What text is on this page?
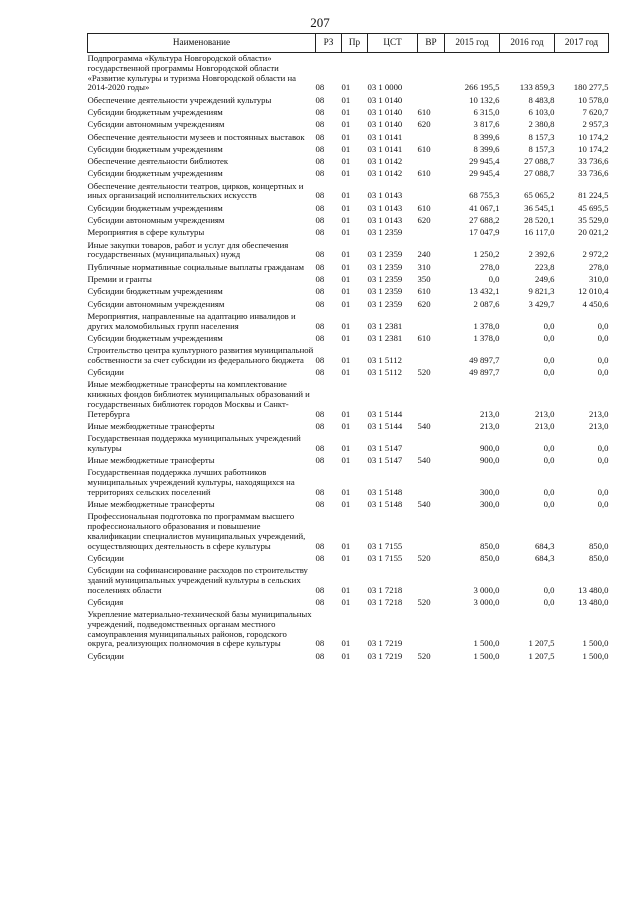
207
Наименование	РЗ	Пр	ЦСТ	ВР	2015 год	2016 год	2017 год
Подпрограмма «Культура Новгородской области» государственной программы Новгородской области «Развитие культуры и туризма Новгородской области на 2014-2020 годы»	08	01	03 1 0000		266 195,5	133 859,3	180 277,5
Обеспечение деятельности учреждений культуры	08	01	03 1 0140		10 132,6	8 483,8	10 578,0
Субсидии бюджетным учреждениям	08	01	03 1 0140	610	6 315,0	6 103,0	7 620,7
Субсидии автономным учреждениям	08	01	03 1 0140	620	3 817,6	2 380,8	2 957,3
Обеспечение деятельности музеев и постоянных выставок	08	01	03 1 0141		8 399,6	8 157,3	10 174,2
Субсидии бюджетным учреждениям	08	01	03 1 0141	610	8 399,6	8 157,3	10 174,2
Обеспечение деятельности библиотек	08	01	03 1 0142		29 945,4	27 088,7	33 736,6
Субсидии бюджетным учреждениям	08	01	03 1 0142	610	29 945,4	27 088,7	33 736,6
Обеспечение деятельности театров, цирков, концертных и иных организаций исполнительских искусств	08	01	03 1 0143		68 755,3	65 065,2	81 224,5
Субсидии бюджетным учреждениям	08	01	03 1 0143	610	41 067,1	36 545,1	45 695,5
Субсидии автономным учреждениям	08	01	03 1 0143	620	27 688,2	28 520,1	35 529,0
Мероприятия в сфере культуры	08	01	03 1 2359		17 047,9	16 117,0	20 021,2
Иные закупки товаров, работ и услуг для обеспечения государственных (муниципальных) нужд	08	01	03 1 2359	240	1 250,2	2 392,6	2 972,2
Публичные нормативные социальные выплаты гражданам	08	01	03 1 2359	310	278,0	223,8	278,0
Премии и гранты	08	01	03 1 2359	350	0,0	249,6	310,0
Субсидии бюджетным учреждениям	08	01	03 1 2359	610	13 432,1	9 821,3	12 010,4
Субсидии автономным учреждениям	08	01	03 1 2359	620	2 087,6	3 429,7	4 450,6
Мероприятия, направленные на адаптацию инвалидов и других маломобильных групп населения	08	01	03 1 2381		1 378,0	0,0	0,0
Субсидии бюджетным учреждениям	08	01	03 1 2381	610	1 378,0	0,0	0,0
Строительство центра культурного развития муниципальной собственности за счет субсидии из федерального бюджета	08	01	03 1 5112		49 897,7	0,0	0,0
Субсидии	08	01	03 1 5112	520	49 897,7	0,0	0,0
Иные межбюджетные трансферты на комплектование книжных фондов библиотек муниципальных образований и государственных библиотек городов Москвы и Санкт-Петербурга	08	01	03 1 5144		213,0	213,0	213,0
Иные межбюджетные трансферты	08	01	03 1 5144	540	213,0	213,0	213,0
Государственная поддержка муниципальных учреждений культуры	08	01	03 1 5147		900,0	0,0	0,0
Иные межбюджетные трансферты	08	01	03 1 5147	540	900,0	0,0	0,0
Государственная поддержка лучших работников муниципальных учреждений культуры, находящихся на территориях сельских поселений	08	01	03 1 5148		300,0	0,0	0,0
Иные межбюджетные трансферты	08	01	03 1 5148	540	300,0	0,0	0,0
Профессиональная подготовка по программам высшего профессионального образования и повышение квалификации специалистов муниципальных учреждений, осуществляющих деятельность в сфере культуры	08	01	03 1 7155		850,0	684,3	850,0
Субсидии	08	01	03 1 7155	520	850,0	684,3	850,0
Субсидии на софинансирование расходов по строительству зданий муниципальных учреждений культуры в сельских поселениях области	08	01	03 1 7218		3 000,0	0,0	13 480,0
Субсидия	08	01	03 1 7218	520	3 000,0	0,0	13 480,0
Укрепление материально-технической базы муниципальных учреждений, подведомственных органам местного самоуправления муниципальных районов, городского округа, реализующих полномочия в сфере культуры	08	01	03 1 7219		1 500,0	1 207,5	1 500,0
Субсидии	08	01	03 1 7219	520	1 500,0	1 207,5	1 500,0
